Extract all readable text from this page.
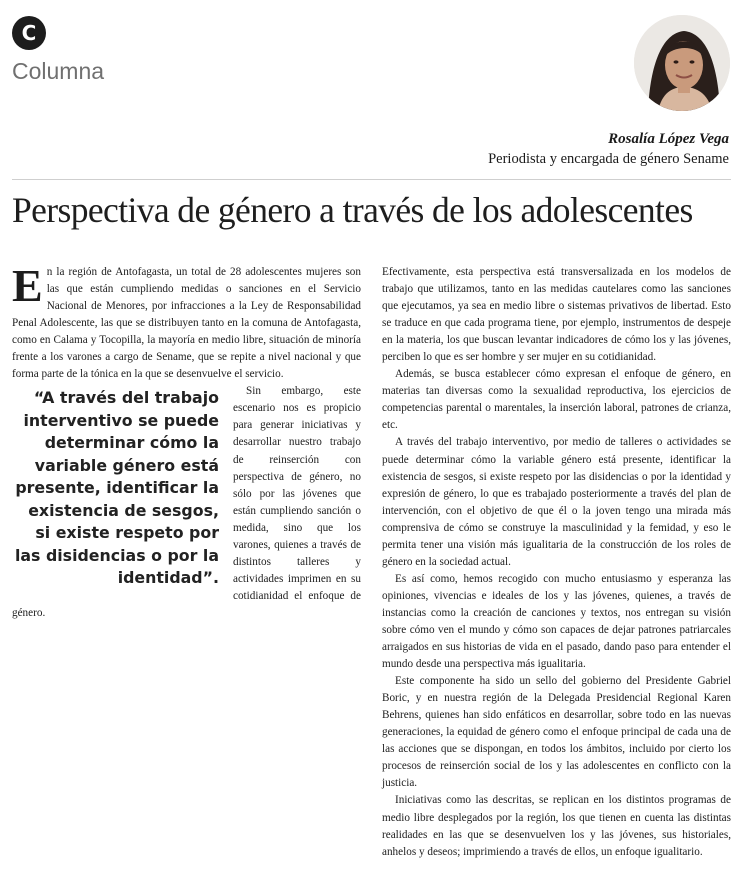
C
Columna
Rosalía López Vega
Periodista y encargada de género Sename
Perspectiva de género a través de los adolescentes

En la región de Antofagasta, un total de 28 adolescentes mujeres son las que están cumpliendo medidas o sanciones en el Servicio Nacional de Menores, por infracciones a la Ley de Responsabilidad Penal Adolescente, las que se distribuyen tanto en la comuna de Antofagasta, como en Calama y Tocopilla, la mayoría en medio libre, situación de minoría frente a los varones a cargo de Sename, que se repite a nivel nacional y que forma parte de la tónica en la que se desenvuelve el servicio.

“A través del trabajo interventivo se puede determinar cómo la variable género está presente, identificar la existencia de sesgos, si existe respeto por las disidencias o por la identidad”.
Sin embargo, este escenario nos es propicio para generar iniciativas y desarrollar nuestro trabajo de reinserción con perspectiva de género, no sólo por las jóvenes que están cumpliendo sanción o medida, sino que los varones, quienes a través de distintos talleres y actividades imprimen en su cotidianidad el enfoque de género.

Efectivamente, esta perspectiva está transversalizada en los modelos de trabajo que utilizamos, tanto en las medidas cautelares como las sanciones que ejecutamos, ya sea en medio libre o sistemas privativos de libertad. Esto se traduce en que cada programa tiene, por ejemplo, instrumentos de despeje en la materia, los que buscan levantar indicadores de cómo los y las jóvenes, perciben lo que es ser hombre y ser mujer en su cotidianidad.

Además, se busca establecer cómo expresan el enfoque de género, en materias tan diversas como la sexualidad reproductiva, los ejercicios de competencias parental o marentales, la inserción laboral, patrones de crianza, etc.

A través del trabajo interventivo, por medio de talleres o actividades se puede determinar cómo la variable género está presente, identificar la existencia de sesgos, si existe respeto por las disidencias o por la identidad y expresión de género, lo que es trabajado posteriormente a través del plan de intervención, con el objetivo de que él o la joven tengo una mirada más comprensiva de cómo se construye la masculinidad y la femidad, y eso le permita tener una visión más igualitaria de la construcción de los roles de género en la sociedad actual.

Es así como, hemos recogido con mucho entusiasmo y esperanza las opiniones, vivencias e ideales de los y las jóvenes, quienes, a través de instancias como la creación de canciones y textos, nos entregan su visión sobre cómo ven el mundo y cómo son capaces de dejar patrones patriarcales arraigados en sus historias de vida en el pasado, dando paso para entender el mundo desde una perspectiva más igualitaria.

Este componente ha sido un sello del gobierno del Presidente Gabriel Boric, y en nuestra región de la Delegada Presidencial Regional Karen Behrens, quienes han sido enfáticos en desarrollar, sobre todo en las nuevas generaciones, la equidad de género como el enfoque principal de cada una de las acciones que se dispongan, en todos los ámbitos, incluido por cierto los procesos de reinserción social de los y las adolescentes en conflicto con la justicia.

Iniciativas como las descritas, se replican en los distintos programas de medio libre desplegados por la región, los que tienen en cuenta las distintas realidades en las que se desenvuelven los y las jóvenes, sus historiales, anhelos y deseos; imprimiendo a través de ellos, un enfoque igualitario.
